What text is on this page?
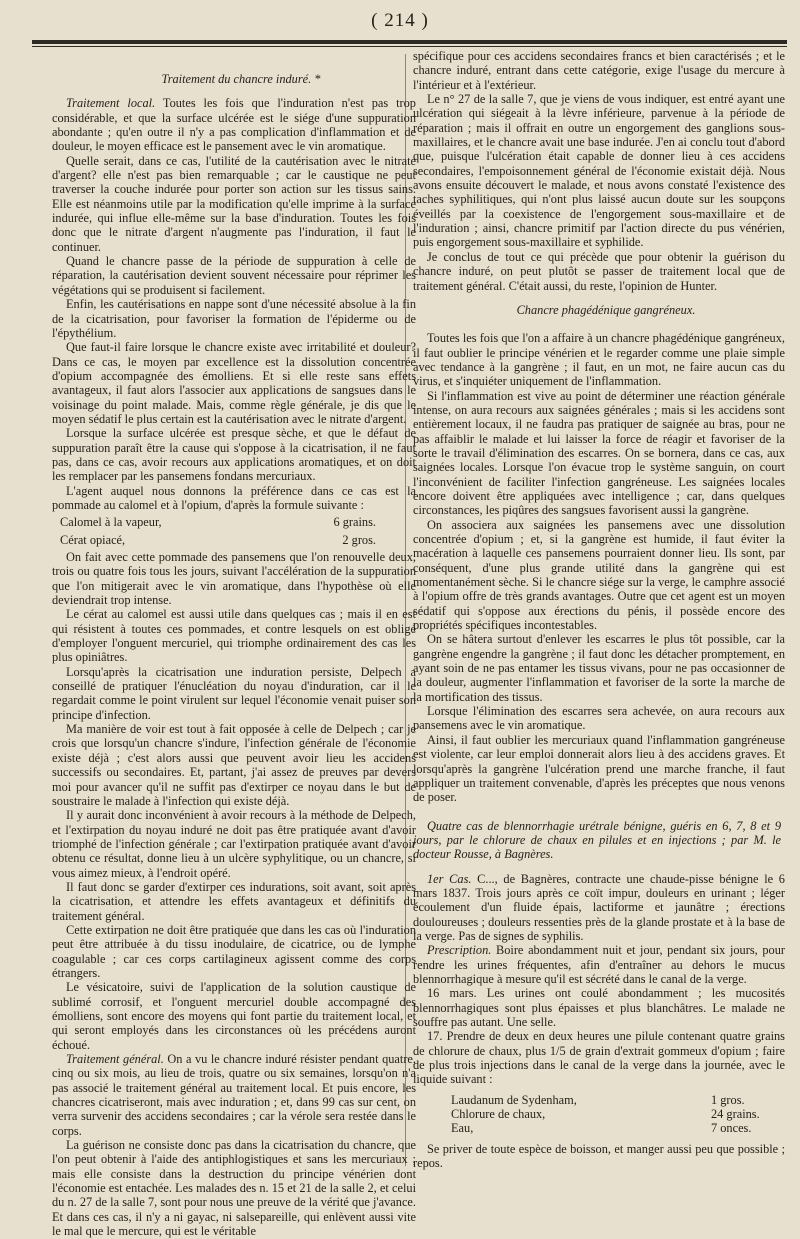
( 214 )

Traitement du chancre induré. *

Traitement local. Toutes les fois que l'induration n'est pas trop considérable, et que la surface ulcérée est le siége d'une suppuration abondante ; qu'en outre il n'y a pas complication d'inflammation et de douleur, le moyen efficace est le pansement avec le vin aromatique.

Quelle serait, dans ce cas, l'utilité de la cautérisation avec le nitrate d'argent? elle n'est pas bien remarquable ; car le caustique ne peut traverser la couche indurée pour porter son action sur les tissus sains. Elle est néanmoins utile par la modification qu'elle imprime à la surface indurée, qui influe elle-même sur la base d'induration. Toutes les fois donc que le nitrate d'argent n'augmente pas l'induration, il faut le continuer.

Quand le chancre passe de la période de suppuration à celle de réparation, la cautérisation devient souvent nécessaire pour réprimer les végétations qui se produisent si facilement.

Enfin, les cautérisations en nappe sont d'une nécessité absolue à la fin de la cicatrisation, pour favoriser la formation de l'épiderme ou de l'épythélium.

Que faut-il faire lorsque le chancre existe avec irritabilité et douleur? Dans ce cas, le moyen par excellence est la dissolution concentrée d'opium accompagnée des émolliens. Et si elle reste sans effets avantageux, il faut alors l'associer aux applications de sangsues dans le voisinage du point malade. Mais, comme règle générale, je dis que le moyen sédatif le plus certain est la cautérisation avec le nitrate d'argent.

Lorsque la surface ulcérée est presque sèche, et que le défaut de suppuration paraît être la cause qui s'oppose à la cicatrisation, il ne faut pas, dans ce cas, avoir recours aux applications aromatiques, et on doit les remplacer par les pansemens fondans mercuriaux.

L'agent auquel nous donnons la préférence dans ce cas est la pommade au calomel et à l'opium, d'après la formule suivante :

Calomel à la vapeur,	6 grains.
Cérat opiacé,	2 gros.

On fait avec cette pommade des pansemens que l'on renouvelle deux, trois ou quatre fois tous les jours, suivant l'accélération de la suppuration que l'on mitigerait avec le vin aromatique, dans l'hypothèse où elle deviendrait trop intense.

Le cérat au calomel est aussi utile dans quelques cas ; mais il en est qui résistent à toutes ces pommades, et contre lesquels on est obligé d'employer l'onguent mercuriel, qui triomphe ordinairement des cas les plus opiniâtres.

Lorsqu'après la cicatrisation une induration persiste, Delpech a conseillé de pratiquer l'énucléation du noyau d'induration, car il le regardait comme le point virulent sur lequel l'économie venait puiser son principe d'infection.

Ma manière de voir est tout à fait opposée à celle de Delpech ; car je crois que lorsqu'un chancre s'indure, l'infection générale de l'économie existe déjà ; c'est alors aussi que peuvent avoir lieu les accidens successifs ou secondaires. Et, partant, j'ai assez de preuves par devers moi pour avancer qu'il ne suffit pas d'extirper ce noyau dans le but de soustraire le malade à l'infection qui existe déjà.

Il y aurait donc inconvénient à avoir recours à la méthode de Delpech, et l'extirpation du noyau induré ne doit pas être pratiquée avant d'avoir triomphé de l'infection générale ; car l'extirpation pratiquée avant d'avoir obtenu ce résultat, donne lieu à un ulcère syphylitique, ou un chancre, si vous aimez mieux, à l'endroit opéré.

Il faut donc se garder d'extirper ces indurations, soit avant, soit après la cicatrisation, et attendre les effets avantageux et définitifs du traitement général.

Cette extirpation ne doit être pratiquée que dans les cas où l'induration peut être attribuée à du tissu inodulaire, de cicatrice, ou de lymphe coagulable ; car ces corps cartilagineux agissent comme des corps étrangers.

Le vésicatoire, suivi de l'application de la solution caustique de sublimé corrosif, et l'onguent mercuriel double accompagné des émolliens, sont encore des moyens qui font partie du traitement local, et qui seront employés dans les circonstances où les précédens auront échoué.

Traitement général. On a vu le chancre induré résister pendant quatre, cinq ou six mois, au lieu de trois, quatre ou six semaines, lorsqu'on n'a pas associé le traitement général au traitement local. Et puis encore, les chancres cicatriseront, mais avec induration ; et, dans 99 cas sur cent, on verra survenir des accidens secondaires ; car la vérole sera restée dans le corps.

La guérison ne consiste donc pas dans la cicatrisation du chancre, que l'on peut obtenir à l'aide des antiphlogistiques et sans les mercuriaux ; mais elle consiste dans la destruction du principe vénérien dont l'économie est entachée. Les malades des n. 15 et 21 de la salle 2, et celui du n. 27 de la salle 7, sont pour nous une preuve de la vérité que j'avance. Et dans ces cas, il n'y a ni gayac, ni salsepareille, qui enlèvent aussi vite le mal que le mercure, qui est le véritable

spécifique pour ces accidens secondaires francs et bien caractérisés ; et le chancre induré, entrant dans cette catégorie, exige l'usage du mercure à l'intérieur et à l'extérieur.

Le n° 27 de la salle 7, que je viens de vous indiquer, est entré ayant une ulcération qui siégeait à la lèvre inférieure, parvenue à la période de réparation ; mais il offrait en outre un engorgement des ganglions sous-maxillaires, et le chancre avait une base indurée. J'en ai conclu tout d'abord que, puisque l'ulcération était capable de donner lieu à ces accidens secondaires, l'empoisonnement général de l'économie existait déjà. Nous avons ensuite découvert le malade, et nous avons constaté l'existence des taches syphilitiques, qui n'ont plus laissé aucun doute sur les soupçons éveillés par la coexistence de l'engorgement sous-maxillaire et de l'induration ; ainsi, chancre primitif par l'action directe du pus vénérien, puis engorgement sous-maxillaire et syphilide.

Je conclus de tout ce qui précède que pour obtenir la guérison du chancre induré, on peut plutôt se passer de traitement local que de traitement général. C'était aussi, du reste, l'opinion de Hunter.

Chancre phagédénique gangréneux.

Toutes les fois que l'on a affaire à un chancre phagédénique gangréneux, il faut oublier le principe vénérien et le regarder comme une plaie simple avec tendance à la gangrène ; il faut, en un mot, ne faire aucun cas du virus, et s'inquiéter uniquement de l'inflammation.

Si l'inflammation est vive au point de déterminer une réaction générale intense, on aura recours aux saignées générales ; mais si les accidens sont entièrement locaux, il ne faudra pas pratiquer de saignée au bras, pour ne pas affaiblir le malade et lui laisser la force de réagir et favoriser de la sorte le travail d'élimination des escarres. On se bornera, dans ce cas, aux saignées locales. Lorsque l'on évacue trop le système sanguin, on court l'inconvénient de faciliter l'infection gangréneuse. Les saignées locales encore doivent être appliquées avec intelligence ; car, dans quelques circonstances, les piqûres des sangsues favorisent aussi la gangrène.

On associera aux saignées les pansemens avec une dissolution concentrée d'opium ; et, si la gangrène est humide, il faut éviter la macération à laquelle ces pansemens pourraient donner lieu. Ils sont, par conséquent, d'une plus grande utilité dans la gangrène qui est momentanément sèche. Si le chancre siége sur la verge, le camphre associé à l'opium offre de très grands avantages. Outre que cet agent est un moyen sédatif qui s'oppose aux érections du pénis, il possède encore des propriétés spécifiques incontestables.

On se hâtera surtout d'enlever les escarres le plus tôt possible, car la gangrène engendre la gangrène ; il faut donc les détacher promptement, en ayant soin de ne pas entamer les tissus vivans, pour ne pas occasionner de la douleur, augmenter l'inflammation et favoriser de la sorte la marche de la mortification des tissus.

Lorsque l'élimination des escarres sera achevée, on aura recours aux pansemens avec le vin aromatique.

Ainsi, il faut oublier les mercuriaux quand l'inflammation gangréneuse est violente, car leur emploi donnerait alors lieu à des accidens graves. Et lorsqu'après la gangrène l'ulcération prend une marche franche, il faut appliquer un traitement convenable, d'après les préceptes que nous venons de poser.

Quatre cas de blennorrhagie urétrale bénigne, guéris en 6, 7, 8 et 9 jours, par le chlorure de chaux en pilules et en injections ; par M. le docteur Rousse, à Bagnères.

1er Cas. C..., de Bagnères, contracte une chaude-pisse bénigne le 6 mars 1837. Trois jours après ce coït impur, douleurs en urinant ; léger écoulement d'un fluide épais, lactiforme et jaunâtre ; érections douloureuses ; douleurs ressenties près de la glande prostate et à la base de la verge. Pas de signes de syphilis.

Prescription. Boire abondamment nuit et jour, pendant six jours, pour rendre les urines fréquentes, afin d'entraîner au dehors le mucus blennorrhagique à mesure qu'il est sécrété dans le canal de la verge.

16 mars. Les urines ont coulé abondamment ; les mucosités blennorrhagiques sont plus épaisses et plus blanchâtres. Le malade ne souffre pas autant. Une selle.

17. Prendre de deux en deux heures une pilule contenant quatre grains de chlorure de chaux, plus 1/5 de grain d'extrait gommeux d'opium ; faire de plus trois injections dans le canal de la verge dans la journée, avec le liquide suivant :

Laudanum de Sydenham,	1 gros.
Chlorure de chaux,	24 grains.
Eau,	7 onces.

Se priver de toute espèce de boisson, et manger aussi peu que possible ; repos.
